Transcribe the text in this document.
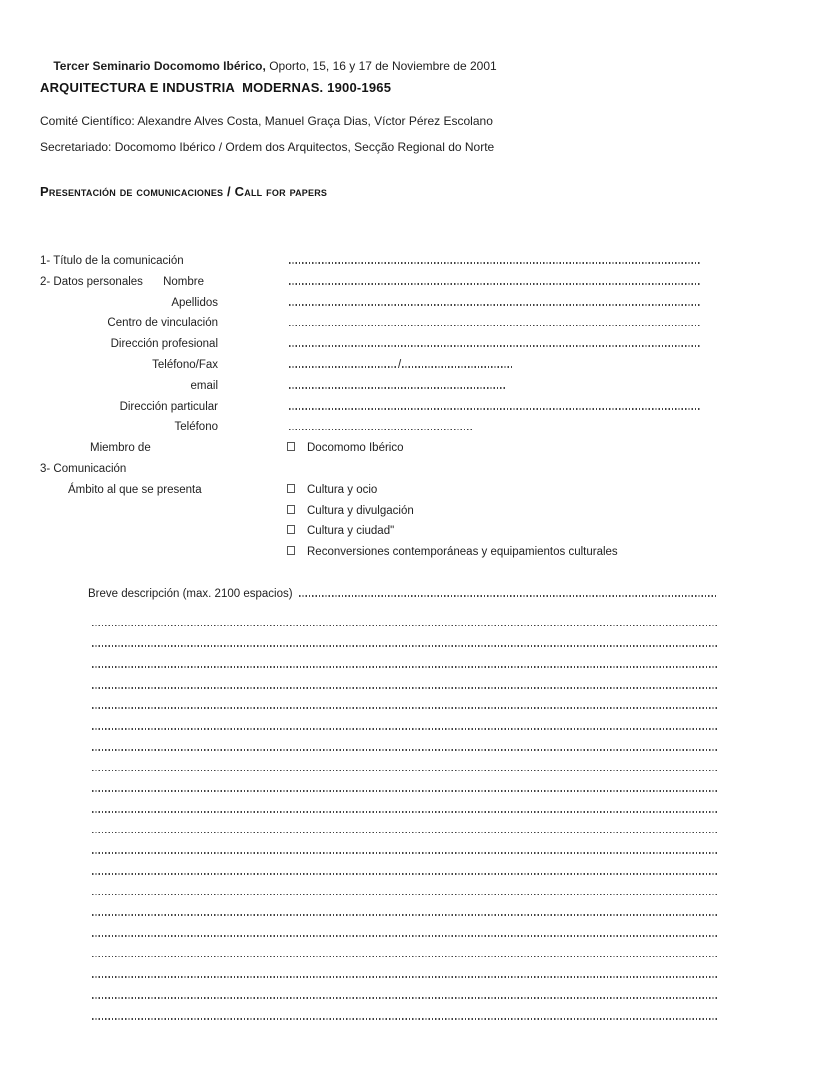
Tercer Seminario Docomomo Ibérico, Oporto, 15, 16 y 17 de Noviembre de 2001

ARQUITECTURA E INDUSTRIA  MODERNAS. 1900-1965
Comité Científico: Alexandre Alves Costa, Manuel Graça Dias, Víctor Pérez Escolano
Secretariado: Docomomo Ibérico / Ordem dos Arquitectos, Secção Regional do Norte
Presentación de comunicaciones / Call for papers
1- Título de la comunicación
2- Datos personales Nombre
Apellidos
Centro de vinculación
Dirección profesional
Teléfono/Fax	/
email
Dirección particular
Teléfono
Miembro de	Docomomo Ibérico
3- Comunicación
Ámbito al que se presenta	Cultura y ocio
Cultura y divulgación
Cultura y ciudad"
Reconversiones contemporáneas y equipamientos culturales
Breve descripción (max. 2100 espacios)
